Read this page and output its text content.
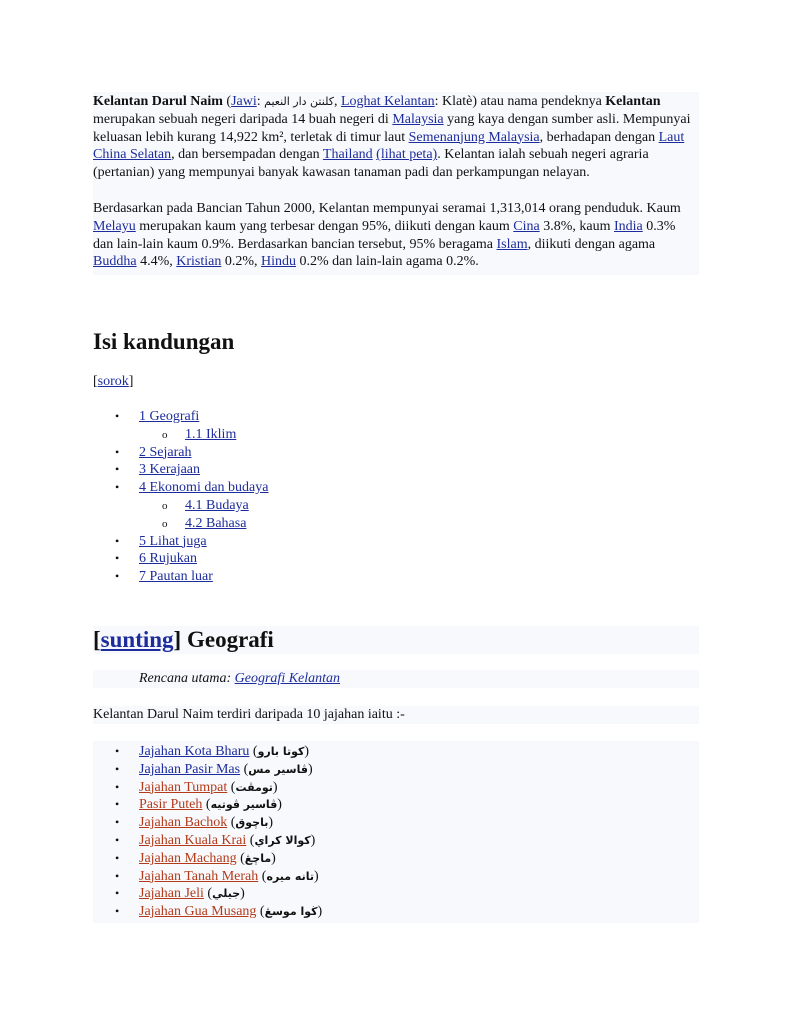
Kelantan Darul Naim (Jawi: كلنتن دار النعيم, Loghat Kelantan: Klatè) atau nama pendeknya Kelantan merupakan sebuah negeri daripada 14 buah negeri di Malaysia yang kaya dengan sumber asli. Mempunyai keluasan lebih kurang 14,922 km², terletak di timur laut Semenanjung Malaysia, berhadapan dengan Laut China Selatan, dan bersempadan dengan Thailand (lihat peta). Kelantan ialah sebuah negeri agraria (pertanian) yang mempunyai banyak kawasan tanaman padi dan perkampungan nelayan.

Berdasarkan pada Bancian Tahun 2000, Kelantan mempunyai seramai 1,313,014 orang penduduk. Kaum Melayu merupakan kaum yang terbesar dengan 95%, diikuti dengan kaum Cina 3.8%, kaum India 0.3% dan lain-lain kaum 0.9%. Berdasarkan bancian tersebut, 95% beragama Islam, diikuti dengan agama Buddha 4.4%, Kristian 0.2%, Hindu 0.2% dan lain-lain agama 0.2%.

Isi kandungan
[sorok]
• 1 Geografi
o 1.1 Iklim
• 2 Sejarah
• 3 Kerajaan
• 4 Ekonomi dan budaya
o 4.1 Budaya
o 4.2 Bahasa
• 5 Lihat juga
• 6 Rujukan
• 7 Pautan luar
[sunting] Geografi

Rencana utama: Geografi Kelantan

Kelantan Darul Naim terdiri daripada 10 jajahan iaitu :-

• Jajahan Kota Bharu (كوتا بارو)
• Jajahan Pasir Mas (ڤاسير مس)
• Jajahan Tumpat (تومڤت)
• Pasir Puteh (ڤاسير ڤوتيه)
• Jajahan Bachok (باچوق)
• Jajahan Kuala Krai (كوالا كراي)
• Jajahan Machang (ماچڠ)
• Jajahan Tanah Merah (تانه ميره)
• Jajahan Jeli (جيلي)
• Jajahan Gua Musang (ڬوا موسڠ)
